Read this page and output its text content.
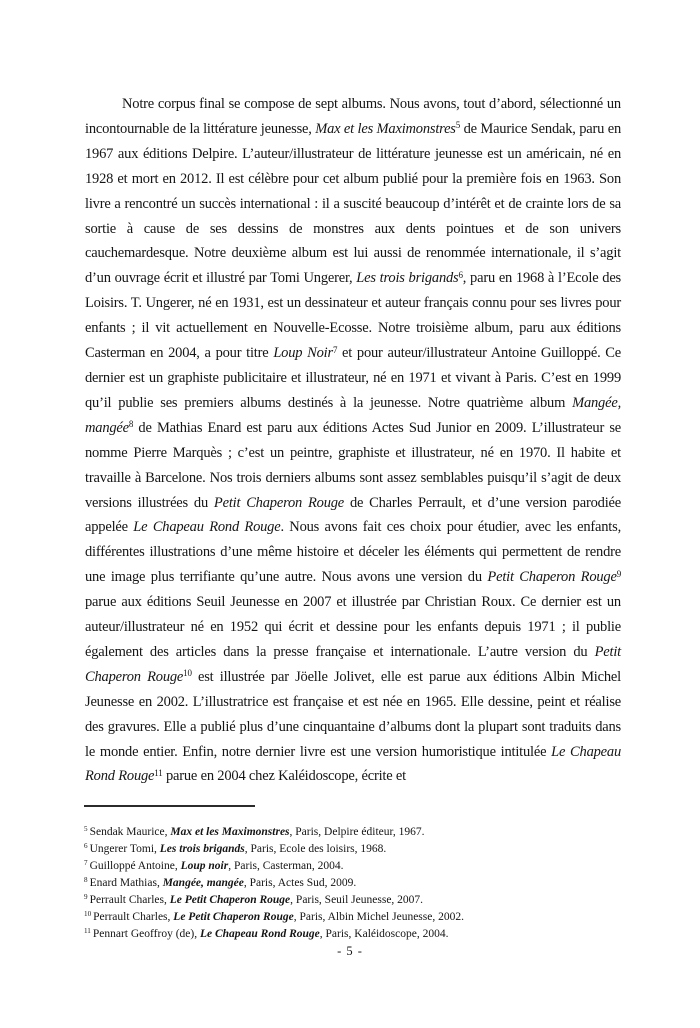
Notre corpus final se compose de sept albums. Nous avons, tout d’abord, sélectionné un incontournable de la littérature jeunesse, Max et les Maximonstres$^5$ de Maurice Sendak, paru en 1967 aux éditions Delpire. L’auteur/illustrateur de littérature jeunesse est un américain, né en 1928 et mort en 2012. Il est célèbre pour cet album publié pour la première fois en 1963. Son livre a rencontré un succès international : il a suscité beaucoup d’intérêt et de crainte lors de sa sortie à cause de ses dessins de monstres aux dents pointues et de son univers cauchemardesque. Notre deuxième album est lui aussi de renommée internationale, il s’agit d’un ouvrage écrit et illustré par Tomi Ungerer, Les trois brigands$^6$, paru en 1968 à l’Ecole des Loisirs. T. Ungerer, né en 1931, est un dessinateur et auteur français connu pour ses livres pour enfants ; il vit actuellement en Nouvelle-Ecosse. Notre troisième album, paru aux éditions Casterman en 2004, a pour titre Loup Noir$^7$ et pour auteur/illustrateur Antoine Guilloppé. Ce dernier est un graphiste publicitaire et illustrateur, né en 1971 et vivant à Paris. C’est en 1999 qu’il publie ses premiers albums destinés à la jeunesse. Notre quatrième album Mangée, mangée$^8$ de Mathias Enard est paru aux éditions Actes Sud Junior en 2009. L’illustrateur se nomme Pierre Marquès ; c’est un peintre, graphiste et illustrateur, né en 1970. Il habite et travaille à Barcelone. Nos trois derniers albums sont assez semblables puisqu’il s’agit de deux versions illustrées du Petit Chaperon Rouge de Charles Perrault, et d’une version parodiée appelée Le Chapeau Rond Rouge. Nous avons fait ces choix pour étudier, avec les enfants, différentes illustrations d’une même histoire et déceler les éléments qui permettent de rendre une image plus terrifiante qu’une autre. Nous avons une version du Petit Chaperon Rouge$^9$ parue aux éditions Seuil Jeunesse en 2007 et illustrée par Christian Roux. Ce dernier est un auteur/illustrateur né en 1952 qui écrit et dessine pour les enfants depuis 1971 ; il publie également des articles dans la presse française et internationale. L’autre version du Petit Chaperon Rouge$^{10}$ est illustrée par Jöelle Jolivet, elle est parue aux éditions Albin Michel Jeunesse en 2002. L’illustratrice est française et est née en 1965. Elle dessine, peint et réalise des gravures. Elle a publié plus d’une cinquantaine d’albums dont la plupart sont traduits dans le monde entier. Enfin, notre dernier livre est une version humoristique intitulée Le Chapeau Rond Rouge$^{11}$ parue en 2004 chez Kaléidoscope, écrite et
$^5$ Sendak Maurice, Max et les Maximonstres, Paris, Delpire éditeur, 1967.
$^6$ Ungerer Tomi, Les trois brigands, Paris, Ecole des loisirs, 1968.
$^7$ Guilloppé Antoine, Loup noir, Paris, Casterman, 2004.
$^8$ Enard Mathias, Mangée, mangée, Paris, Actes Sud, 2009.
$^9$ Perrault Charles, Le Petit Chaperon Rouge, Paris, Seuil Jeunesse, 2007.
$^{10}$ Perrault Charles, Le Petit Chaperon Rouge, Paris, Albin Michel Jeunesse, 2002.
$^{11}$ Pennart Geoffroy (de), Le Chapeau Rond Rouge, Paris, Kaléidoscope, 2004.
- 5 -
